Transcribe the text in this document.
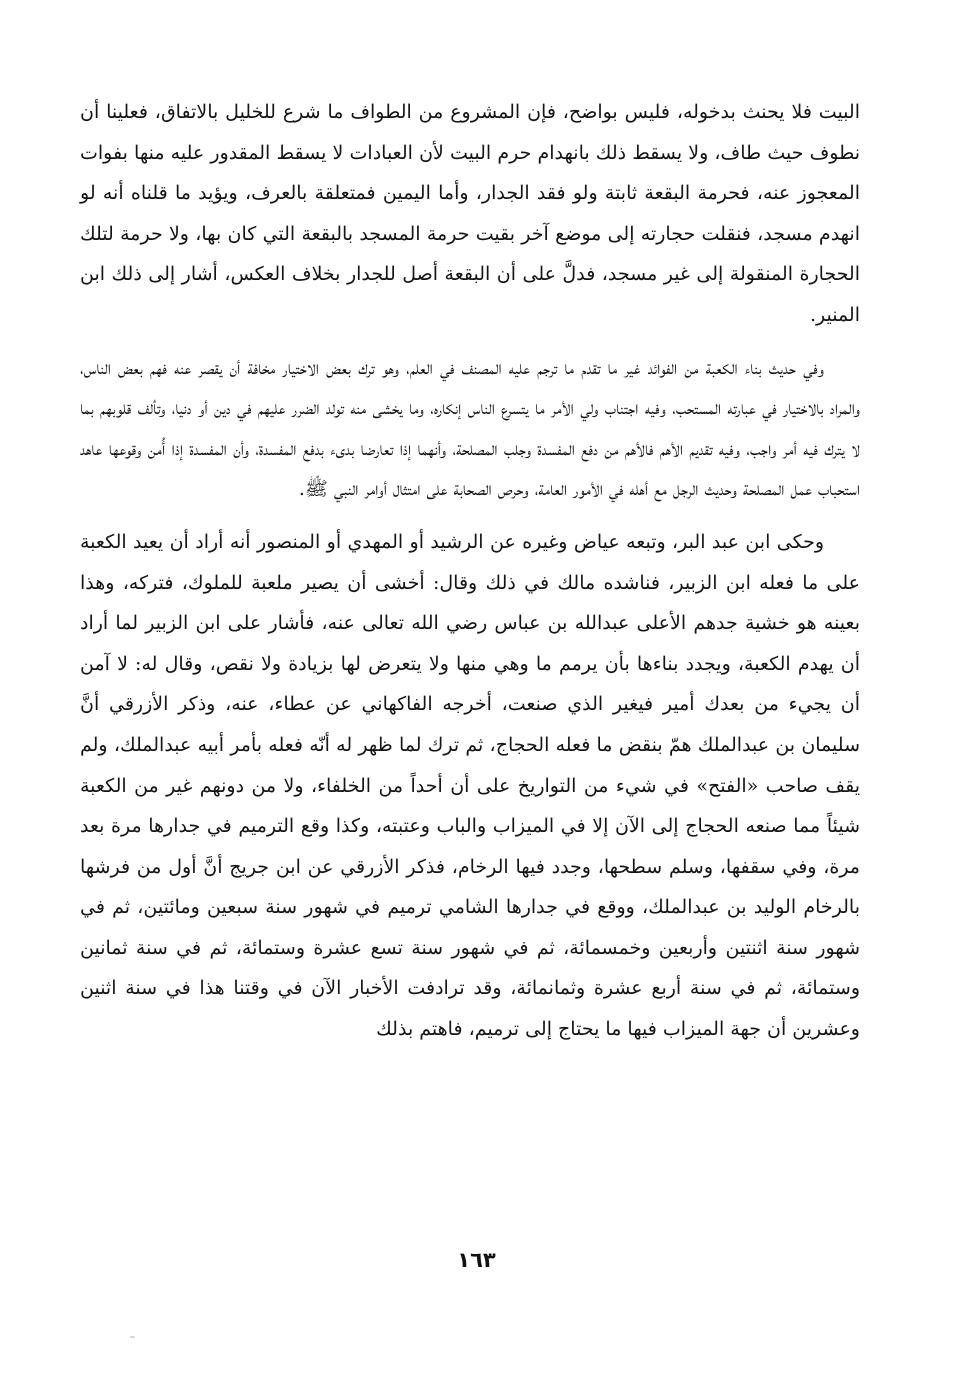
البيت فلا يحنث بدخوله، فليس بواضح، فإن المشروع من الطواف ما شرع للخليل بالاتفاق، فعلينا أن نطوف حيث طاف، ولا يسقط ذلك بانهدام حرم البيت لأن العبادات لا يسقط المقدور عليه منها بفوات المعجوز عنه، فحرمة البقعة ثابتة ولو فقد الجدار، وأما اليمين فمتعلقة بالعرف، ويؤيد ما قلناه أنه لو انهدم مسجد، فنقلت حجارته إلى موضع آخر بقيت حرمة المسجد بالبقعة التي كان بها، ولا حرمة لتلك الحجارة المنقولة إلى غير مسجد، فدلَّ على أن البقعة أصل للجدار بخلاف العكس، أشار إلى ذلك ابن المنير.

وفي حديث بناء الكعبة من الفوائد غير ما تقدم ما ترجم عليه المصنف في العلم، وهو ترك بعض الاختيار مخافة أن يقصر عنه فهم بعض الناس، والمراد بالاختيار في عبارته المستحب، وفيه اجتناب ولي الأمر ما يتسرع الناس إنكاره، وما يخشى منه تولد الضرر عليهم في دين أو دنيا، وتألف قلوبهم بما لا يترك فيه أمر واجب، وفيه تقديم الأهم فالأهم من دفع المفسدة وجلب المصلحة، وأنهما إذا تعارضا بدىء بدفع المفسدة، وأن المفسدة إذا أُمن وقوعها عاهد استحباب عمل المصلحة وحديث الرجل مع أهله في الأمور العامة، وحرص الصحابة على امتثال أوامر النبي ﷺ.

وحكى ابن عبد البر، وتبعه عياض وغيره عن الرشيد أو المهدي أو المنصور أنه أراد أن يعيد الكعبة على ما فعله ابن الزبير، فناشده مالك في ذلك وقال: أخشى أن يصير ملعبة للملوك، فتركه، وهذا بعينه هو خشية جدهم الأعلى عبدالله بن عباس رضي الله تعالى عنه، فأشار على ابن الزبير لما أراد أن يهدم الكعبة، ويجدد بناءها بأن يرمم ما وهي منها ولا يتعرض لها بزيادة ولا نقص، وقال له: لا آمن أن يجيء من بعدك أمير فيغير الذي صنعت، أخرجه الفاكهاني عن عطاء، عنه، وذكر الأزرقي أنَّ سليمان بن عبدالملك همّ بنقض ما فعله الحجاج، ثم ترك لما ظهر له أنّه فعله بأمر أبيه عبدالملك، ولم يقف صاحب «الفتح» في شيء من التواريخ على أن أحداً من الخلفاء، ولا من دونهم غير من الكعبة شيئاً مما صنعه الحجاج إلى الآن إلا في الميزاب والباب وعتبته، وكذا وقع الترميم في جدارها مرة بعد مرة، وفي سقفها، وسلم سطحها، وجدد فيها الرخام، فذكر الأزرقي عن ابن جريج أنَّ أول من فرشها بالرخام الوليد بن عبدالملك، ووقع في جدارها الشامي ترميم في شهور سنة سبعين ومائتين، ثم في شهور سنة اثنتين وأربعين وخمسمائة، ثم في شهور سنة تسع عشرة وستمائة، ثم في سنة ثمانين وستمائة، ثم في سنة أربع عشرة وثمانمائة، وقد ترادفت الأخبار الآن في وقتنا هذا في سنة اثنين وعشرين أن جهة الميزاب فيها ما يحتاج إلى ترميم، فاهتم بذلك

١٦٣
